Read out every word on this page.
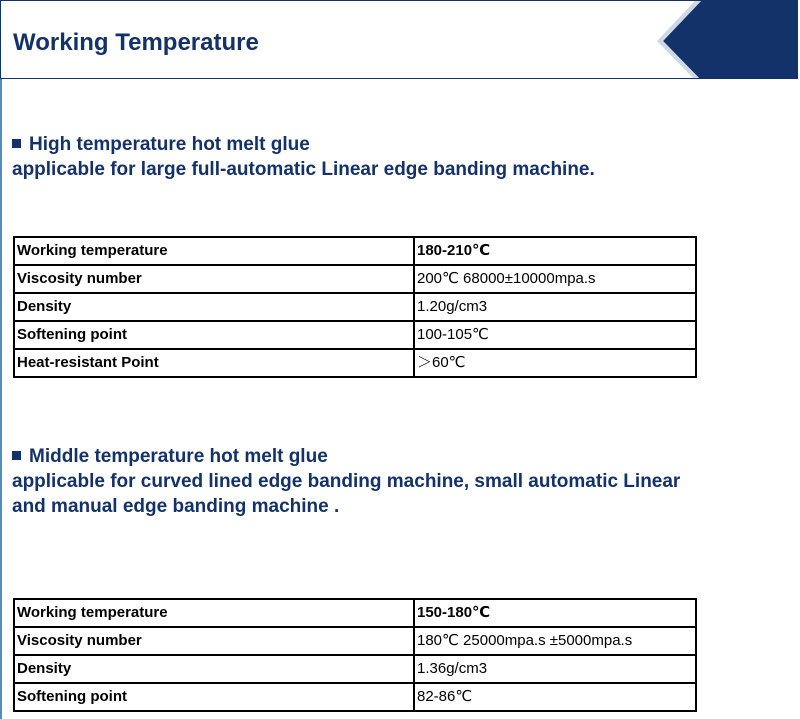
Working Temperature
High temperature hot melt glue
applicable for large full-automatic Linear edge banding machine.
Working temperature	180-210℃
Viscosity number	200℃ 68000±10000mpa.s
Density	1.20g/cm3
Softening point	100-105℃
Heat-resistant Point	＞60℃
Middle temperature hot melt glue
applicable for curved lined edge banding machine, small automatic Linear
and manual edge banding machine .
Working temperature	150-180℃
Viscosity number	180℃ 25000mpa.s ±5000mpa.s
Density	1.36g/cm3
Softening point	82-86℃
